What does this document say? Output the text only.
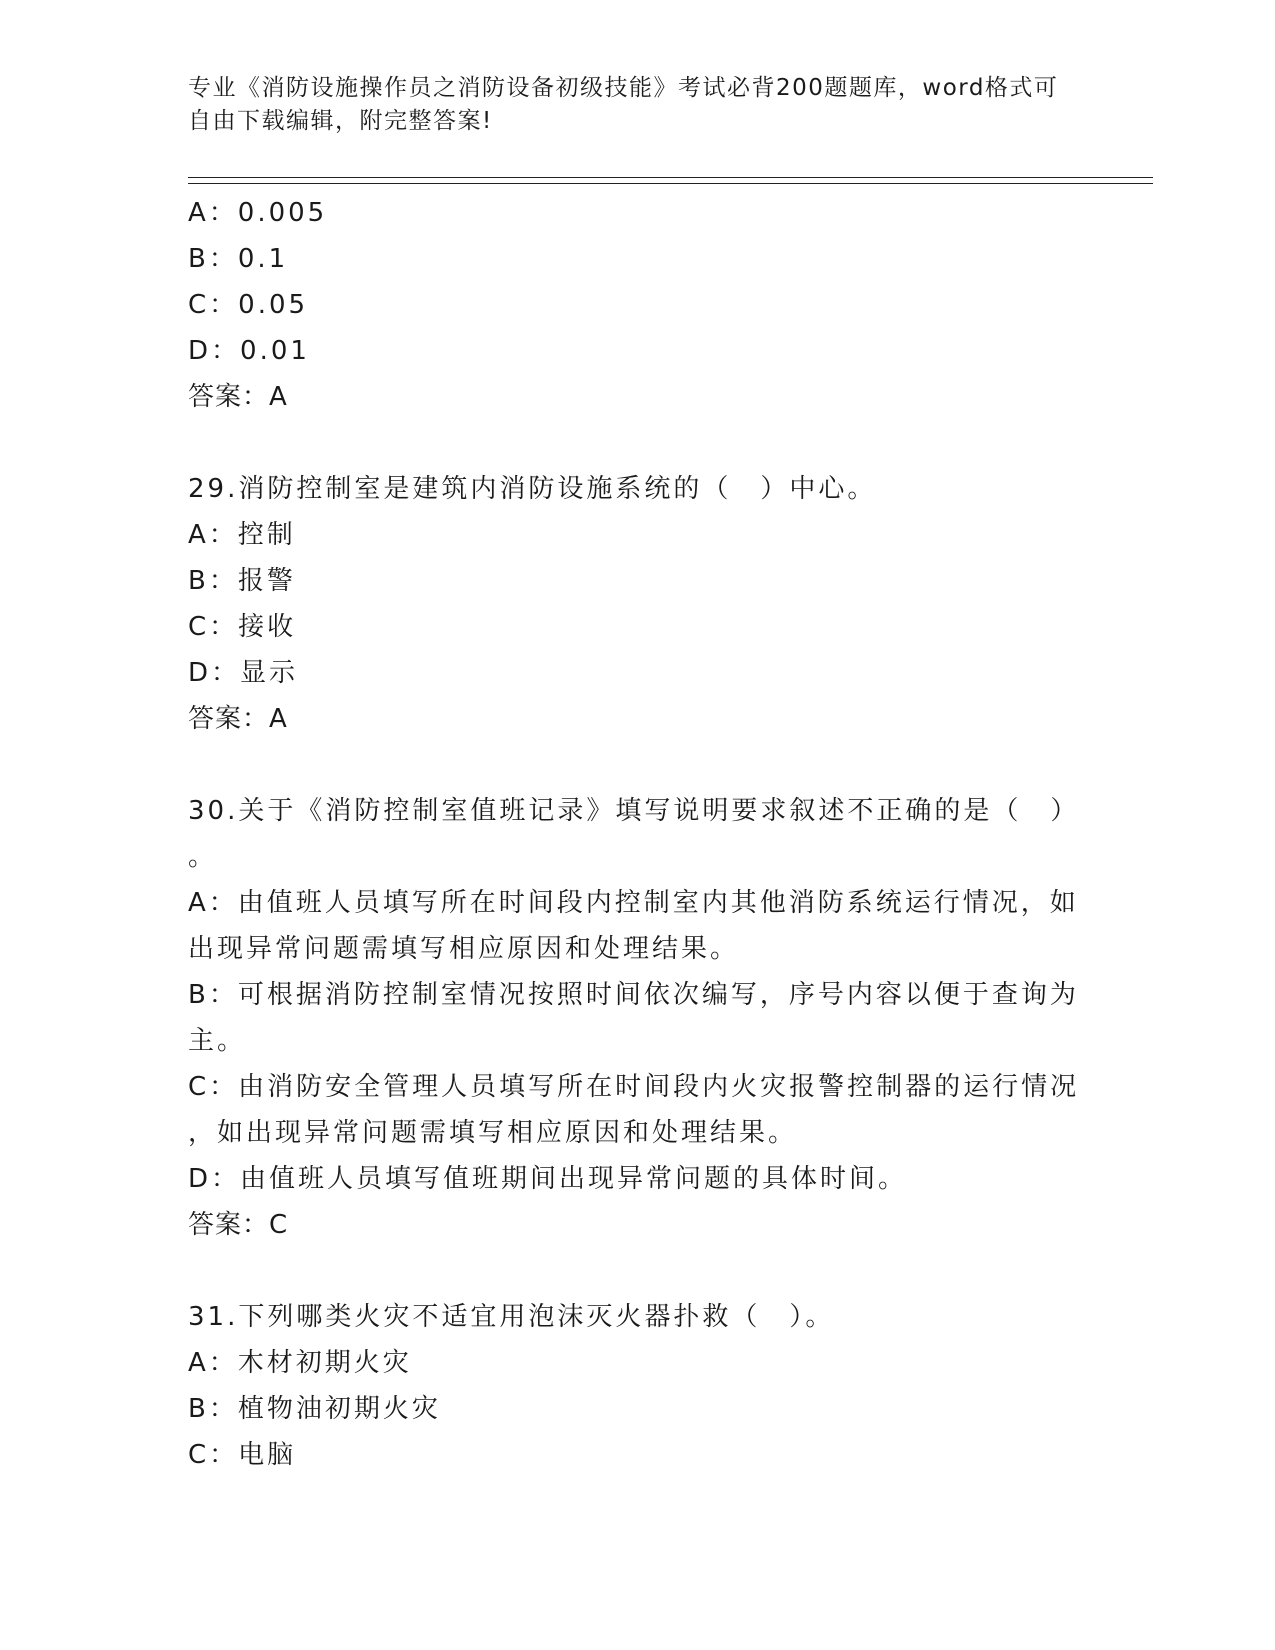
专业《消防设施操作员之消防设备初级技能》考试必背200题题库，word格式可
自由下载编辑，附完整答案!
A：0.005
B：0.1
C：0.05
D：0.01
答案：A
29.消防控制室是建筑内消防设施系统的（　）中心。
A：控制
B：报警
C：接收
D：显示
答案：A
30.关于《消防控制室值班记录》填写说明要求叙述不正确的是（　）
。
A：由值班人员填写所在时间段内控制室内其他消防系统运行情况，如
出现异常问题需填写相应原因和处理结果。
B：可根据消防控制室情况按照时间依次编写，序号内容以便于查询为
主。
C：由消防安全管理人员填写所在时间段内火灾报警控制器的运行情况
，如出现异常问题需填写相应原因和处理结果。
D：由值班人员填写值班期间出现异常问题的具体时间。
答案：C
31.下列哪类火灾不适宜用泡沫灭火器扑救（　）。
A：木材初期火灾
B：植物油初期火灾
C：电脑
